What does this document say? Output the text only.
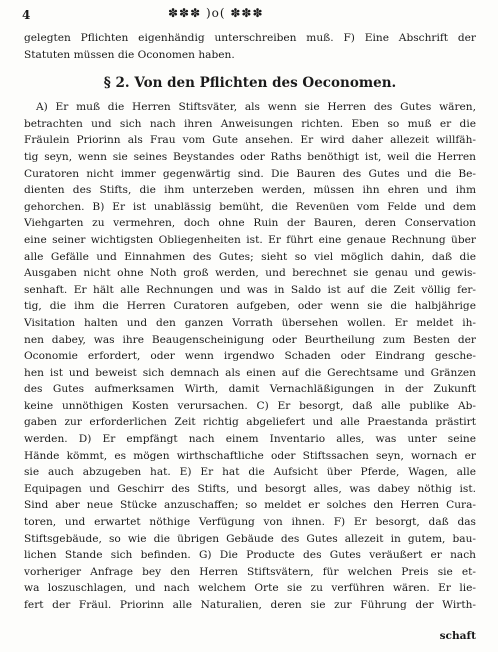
4	✽✽✽ )o( ✽✽✽
gelegten Pflichten eigenhändig unterschreiben muß. F) Eine Abschrift der
Statuten müssen die Oconomen haben.
§ 2. Von den Pflichten des Oeconomen.
A) Er muß die Herren Stiftsväter, als wenn sie Herren des Gutes wären,
betrachten und sich nach ihren Anweisungen richten. Eben so muß er die
Fräulein Priorinn als Frau vom Gute ansehen. Er wird daher allezeit willfäh-
tig seyn, wenn sie seines Beystandes oder Raths benöthigt ist, weil die Herren
Curatoren nicht immer gegenwärtig sind. Die Bauren des Gutes und die Be-
dienten des Stifts, die ihm unterzeben werden, müssen ihn ehren und ihm
gehorchen. B) Er ist unablässig bemüht, die Revenüen vom Felde und dem
Viehgarten zu vermehren, doch ohne Ruin der Bauren, deren Conservation
eine seiner wichtigsten Obliegenheiten ist. Er führt eine genaue Rechnung über
alle Gefälle und Einnahmen des Gutes; sieht so viel möglich dahin, daß die
Ausgaben nicht ohne Noth groß werden, und berechnet sie genau und gewis-
senhaft. Er hält alle Rechnungen und was in Saldo ist auf die Zeit völlig fer-
tig, die ihm die Herren Curatoren aufgeben, oder wenn sie die halbjährige
Visitation halten und den ganzen Vorrath übersehen wollen. Er meldet ih-
nen dabey, was ihre Beaugenscheinigung oder Beurtheilung zum Besten der
Oconomie erfordert, oder wenn irgendwo Schaden oder Eindrang gesche-
hen ist und beweist sich demnach als einen auf die Gerechtsame und Gränzen
des Gutes aufmerksamen Wirth, damit Vernachläßigungen in der Zukunft
keine unnöthigen Kosten verursachen. C) Er besorgt, daß alle publike Ab-
gaben zur erforderlichen Zeit richtig abgeliefert und alle Praestanda prästirt
werden. D) Er empfängt nach einem Inventario alles, was unter seine
Hände kömmt, es mögen wirthschaftliche oder Stiftssachen seyn, wornach er
sie auch abzugeben hat. E) Er hat die Aufsicht über Pferde, Wagen, alle
Equipagen und Geschirr des Stifts, und besorgt alles, was dabey nöthig ist.
Sind aber neue Stücke anzuschaffen; so meldet er solches den Herren Cura-
toren, und erwartet nöthige Verfügung von ihnen. F) Er besorgt, daß das
Stiftsgebäude, so wie die übrigen Gebäude des Gutes allezeit in gutem, bau-
lichen Stande sich befinden. G) Die Producte des Gutes veräußert er nach
vorheriger Anfrage bey den Herren Stiftsvätern, für welchen Preis sie et-
wa loszuschlagen, und nach welchem Orte sie zu verführen wären. Er lie-
fert der Fräul. Priorinn alle Naturalien, deren sie zur Führung der Wirth-
schaft
